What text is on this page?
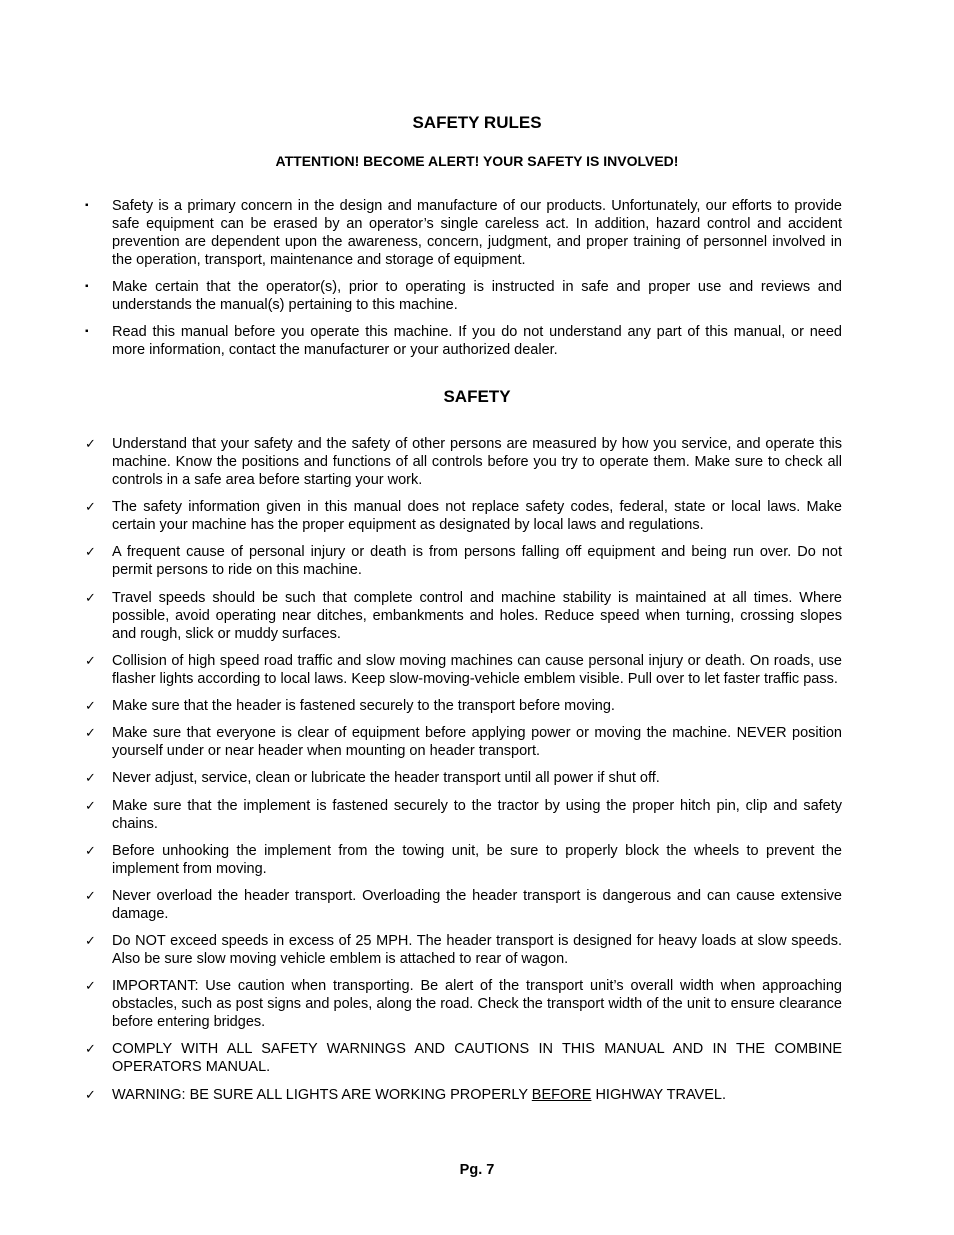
SAFETY RULES
ATTENTION! BECOME ALERT! YOUR SAFETY IS INVOLVED!
▪	Safety is a primary concern in the design and manufacture of our products. Unfortunately, our efforts to provide safe equipment can be erased by an operator’s single careless act. In addition, hazard control and accident prevention are dependent upon the awareness, concern, judgment, and proper training of personnel involved in the operation, transport, maintenance and storage of equipment.
▪	Make certain that the operator(s), prior to operating is instructed in safe and proper use and reviews and understands the manual(s) pertaining to this machine.
▪	Read this manual before you operate this machine. If you do not understand any part of this manual, or need more information, contact the manufacturer or your authorized dealer.
SAFETY
✓	Understand that your safety and the safety of other persons are measured by how you service, and operate this machine. Know the positions and functions of all controls before you try to operate them. Make sure to check all controls in a safe area before starting your work.
✓	The safety information given in this manual does not replace safety codes, federal, state or local laws. Make certain your machine has the proper equipment as designated by local laws and regulations.
✓	A frequent cause of personal injury or death is from persons falling off equipment and being run over. Do not permit persons to ride on this machine.
✓	Travel speeds should be such that complete control and machine stability is maintained at all times. Where possible, avoid operating near ditches, embankments and holes. Reduce speed when turning, crossing slopes and rough, slick or muddy surfaces.
✓	Collision of high speed road traffic and slow moving machines can cause personal injury or death. On roads, use flasher lights according to local laws. Keep slow-moving-vehicle emblem visible. Pull over to let faster traffic pass.
✓	Make sure that the header is fastened securely to the transport before moving.
✓	Make sure that everyone is clear of equipment before applying power or moving the machine. NEVER position yourself under or near header when mounting on header transport.
✓	Never adjust, service, clean or lubricate the header transport until all power if shut off.
✓	Make sure that the implement is fastened securely to the tractor by using the proper hitch pin, clip and safety chains.
✓	Before unhooking the implement from the towing unit, be sure to properly block the wheels to prevent the implement from moving.
✓	Never overload the header transport. Overloading the header transport is dangerous and can cause extensive damage.
✓	Do NOT exceed speeds in excess of 25 MPH. The header transport is designed for heavy loads at slow speeds. Also be sure slow moving vehicle emblem is attached to rear of wagon.
✓	IMPORTANT: Use caution when transporting. Be alert of the transport unit’s overall width when approaching obstacles, such as post signs and poles, along the road. Check the transport width of the unit to ensure clearance before entering bridges.
✓	COMPLY WITH ALL SAFETY WARNINGS AND CAUTIONS IN THIS MANUAL AND IN THE COMBINE OPERATORS MANUAL.
✓	WARNING: BE SURE ALL LIGHTS ARE WORKING PROPERLY BEFORE HIGHWAY TRAVEL.
Pg. 7
